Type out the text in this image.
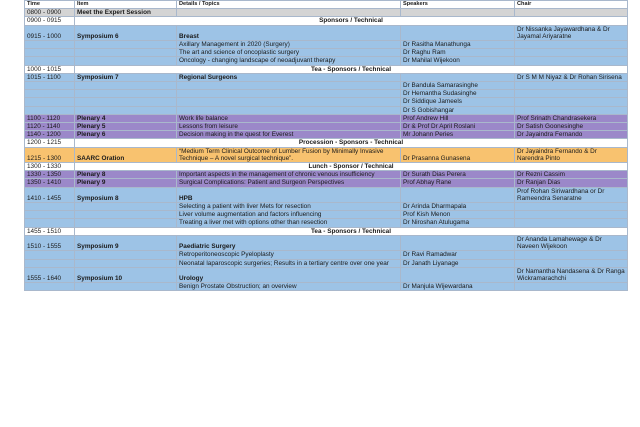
Time	Item	Details / Topics	Speakers	Chair
0800 - 0900	Meet the Expert Session			
0900 - 0915	Sponsors / Technical			
0915 - 1000	Symposium 6	Breast		Dr Nissanka Jayawardhana & Dr Jayamal Ariyaratne
		Axillary Management in 2020 (Surgery)	Dr Rasitha Manathunga	
		The art and science of oncoplastic surgery	Dr Raghu Ram	
		Oncology - changing landscape of neoadjuvant therapy	Dr Mahilal Wijekoon	
1000 - 1015	Tea - Sponsors / Technical			
1015 - 1100	Symposium 7	Regional Surgeons		Dr S M M Niyaz & Dr Rohan Sirisena
			Dr Bandula Samarasinghe	
			Dr Hemantha Sudasinghe	
			Dr Siddique Jameels	
			Dr S Gobishangar	
1100 - 1120	Plenary 4	Work life balance	Prof Andrew Hill	Prof Srinath Chandrasekera
1120 - 1140	Plenary 5	Lessons from leisure	Dr & Prof Dr April Roslani	Dr Satish Goonesinghe
1140 - 1200	Plenary 6	Decision making in the quest for Everest	Mr Johann Peries	Dr Jayaindra Fernando
1200 - 1215	Procession - Sponsors - Technical			
1215 - 1300	SAARC Oration	“Medium Term Clinical Outcome of Lumber Fusion by Minimally Invasive Technique – A novel surgical technique”.	Dr Prasanna Gunasena	Dr Jayaindra Fernando & Dr Narendra Pinto
1300 - 1330	Lunch - Sponsor / Technical			
1330 - 1350	Plenary 8	Important aspects in the management of chronic venous insufficiency	Dr Surath Dias Perera	Dr Rezni Cassim
1350 - 1410	Plenary 9	Surgical Complications: Patient and Surgeon Perspectives	Prof Abhay Rane	Dr Ranjan Dias
1410 - 1455	Symposium 8	HPB		Prof Rohan Siriwardhana or Dr Rameendra Senaratne
		Selecting a patient with liver Mets for resection	Dr Arinda Dharmapala	
		Liver volume augmentation and factors influencing	Prof Kish Menon	
		Treating a liver met with options other than resection	Dr Niroshan Atulugama	
1455 - 1510	Tea - Sponsors / Technical			
1510 - 1555	Symposium 9	Paediatric Surgery		Dr Ananda Lamahewage & Dr Naveen Wijekoon
		Retroperitoneoscopic Pyeloplasty	Dr Ravi Ramadwar	
		Neonatal laparoscopic surgeries; Results in a tertiary centre over one year	Dr Janath Liyanage	
1555 - 1640	Symposium 10	Urology		Dr Namantha Nandasena & Dr Ranga Wickramarachchi
		Benign Prostate Obstruction; an overview	Dr Manjula Wijewardana	
